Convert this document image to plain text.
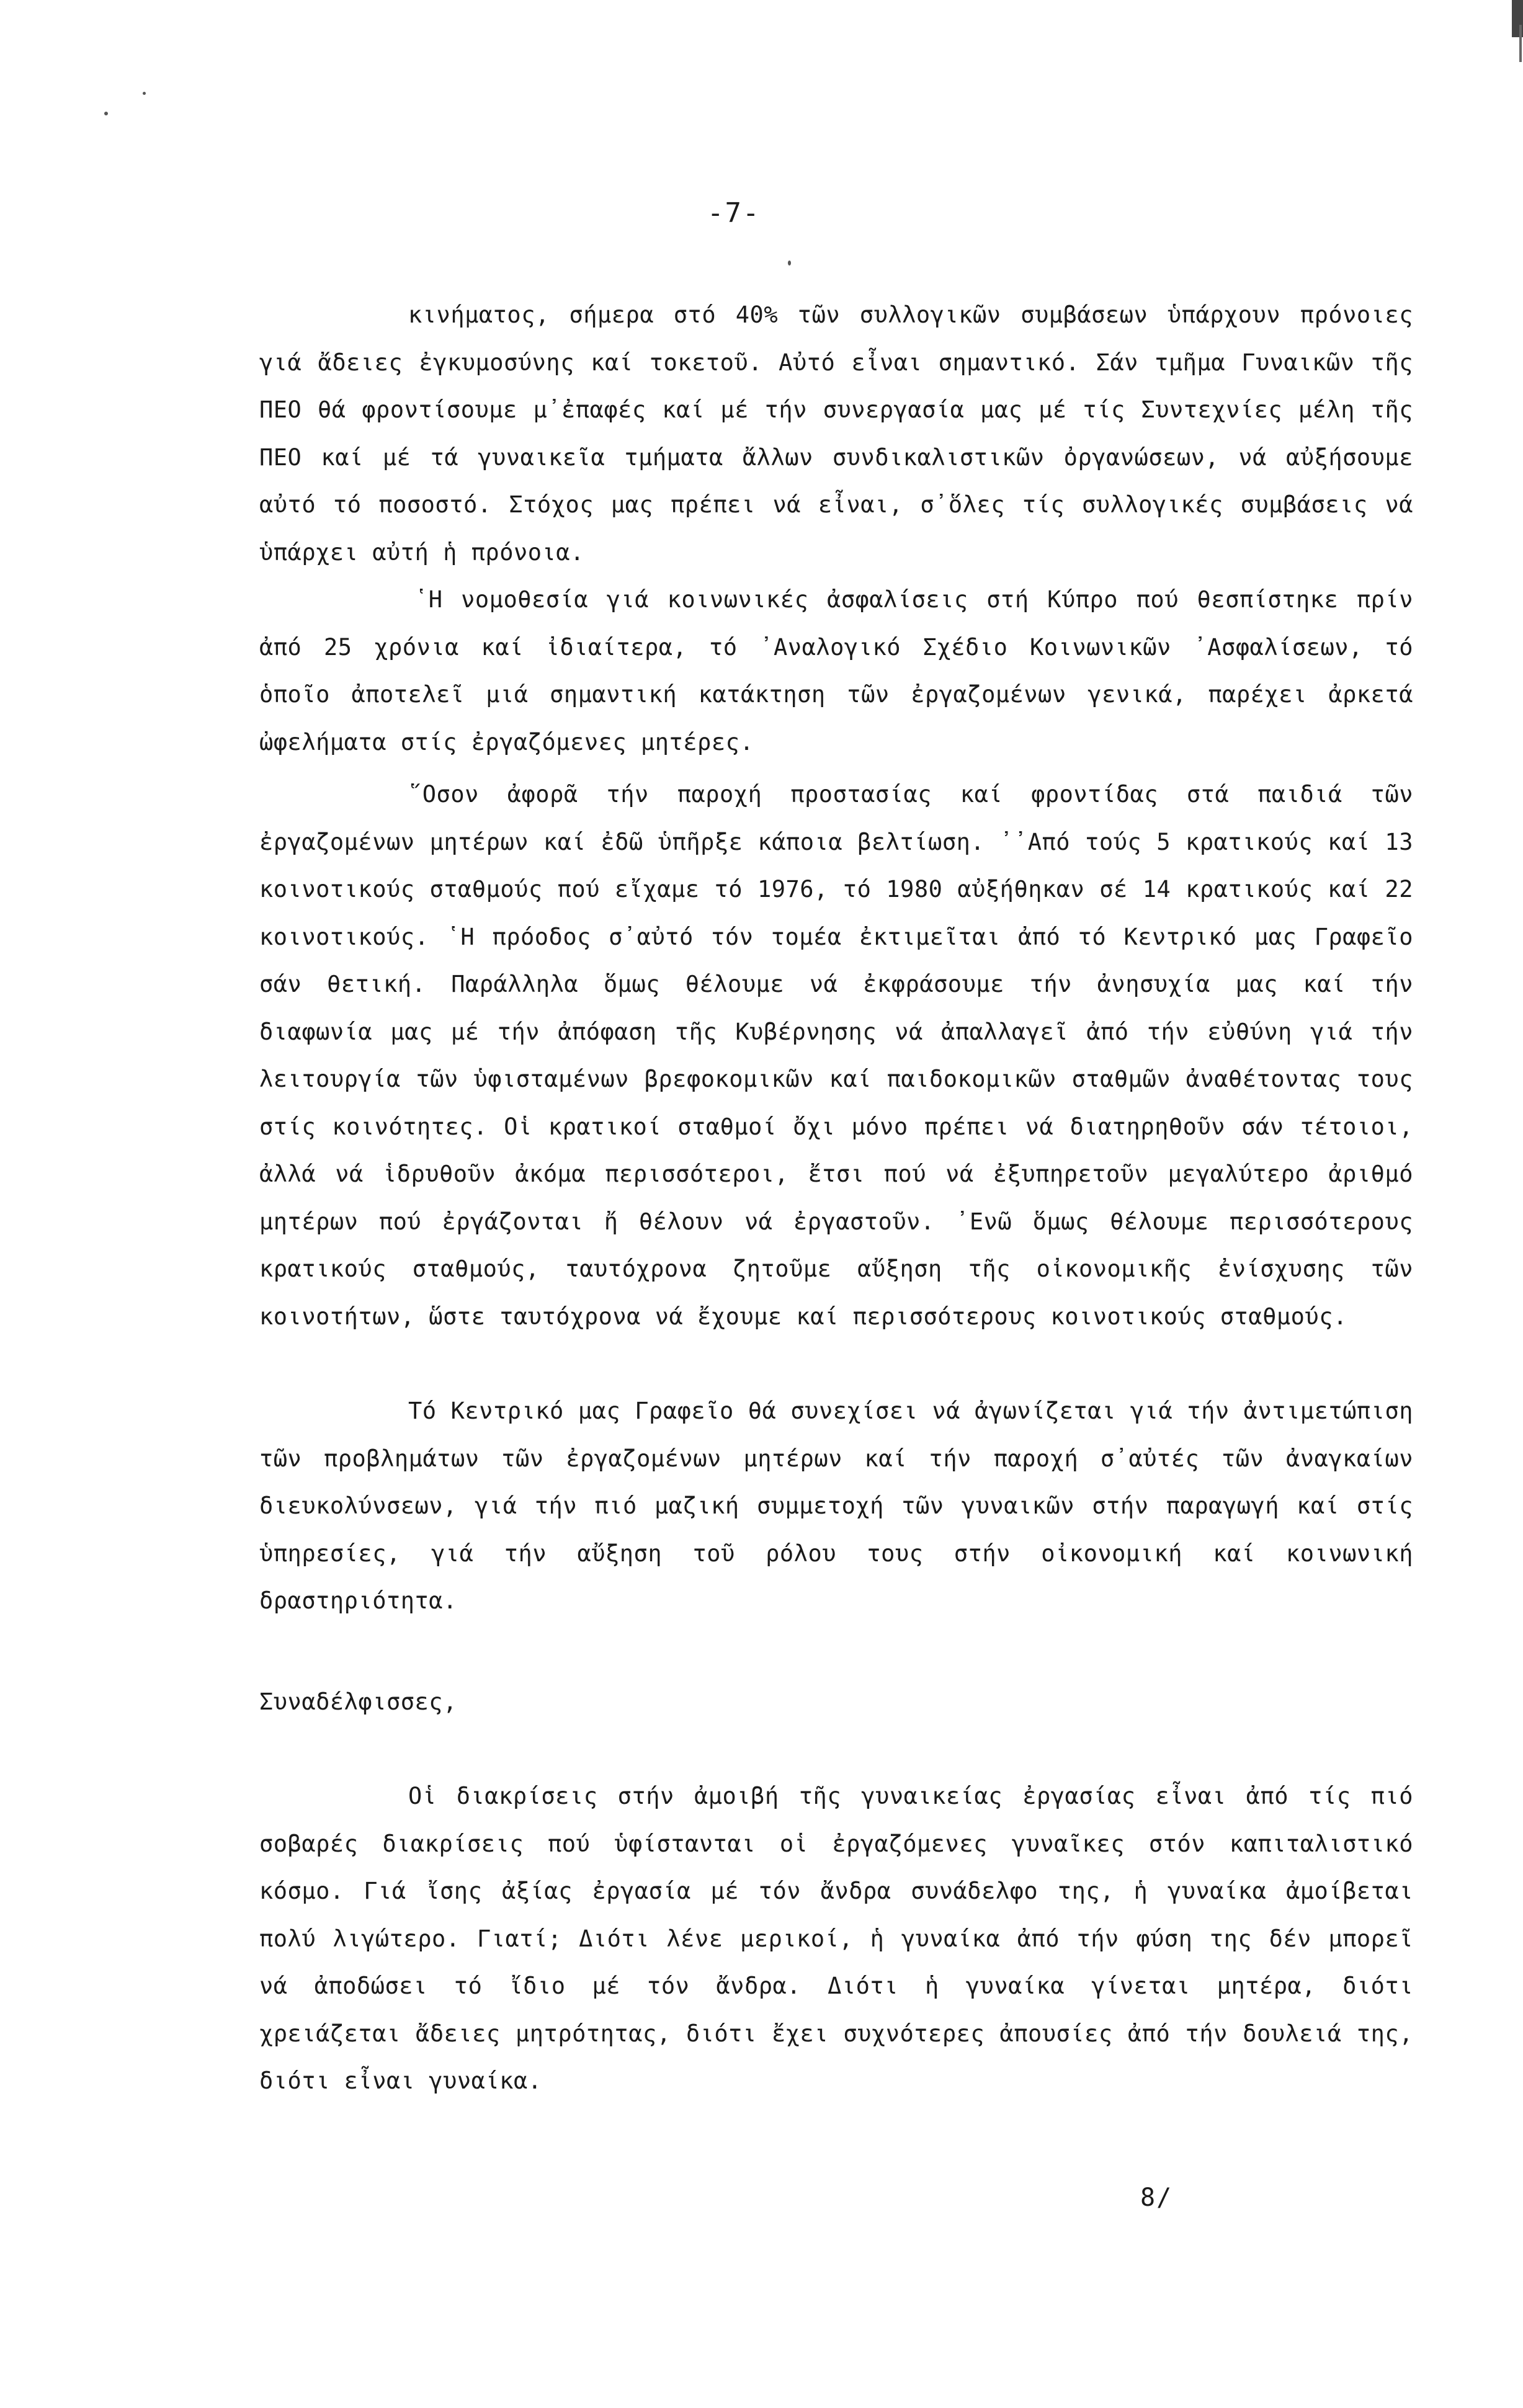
-7-

κινήματος, σήμερα στό 40% τῶν συλλογικῶν συμβάσεων ὑπάρχουν πρόνοιες γιά ἄδειες ἐγκυμοσύνης καί τοκετοῦ. Αὐτό εἶναι σημαντικό. Σάν τμῆμα Γυναικῶν τῆς ΠΕΟ θά φροντίσουμε μ᾽ἐπαφές καί μέ τήν συνεργασία μας μέ τίς Συντεχνίες μέλη τῆς ΠΕΟ καί μέ τά γυναικεῖα τμήματα ἄλλων συνδικαλιστικῶν ὀργανώσεων, νά αὐξήσουμε αὐτό τό ποσοστό. Στόχος μας πρέπει νά εἶναι, σ᾽ὅλες τίς συλλογικές συμβάσεις νά ὑπάρχει αὐτή ἡ πρόνοια.

῾Η νομοθεσία γιά κοινωνικές ἀσφαλίσεις στή Κύπρο πού θεσπίστηκε πρίν ἀπό 25 χρόνια καί ἰδιαίτερα, τό ᾽Αναλογικό Σχέδιο Κοινωνικῶν ᾽Ασφαλίσεων, τό ὁποῖο ἀποτελεῖ μιά σημαντική κατάκτηση τῶν ἐργαζομένων γενικά, παρέχει ἀρκετά ὠφελήματα στίς ἐργαζόμενες μητέρες.

῞Οσον ἀφορᾶ τήν παροχή προστασίας καί φροντίδας στά παιδιά τῶν ἐργαζομένων μητέρων καί ἐδῶ ὑπῆρξε κάποια βελτίωση. ᾽᾽Από τούς 5 κρατικούς καί 13 κοινοτικούς σταθμούς πού εἴχαμε τό 1976, τό 1980 αὐξήθηκαν σέ 14 κρατικούς καί 22 κοινοτικούς. ῾Η πρόοδος σ᾽αὐτό τόν τομέα ἐκτιμεῖται ἀπό τό Κεντρικό μας Γραφεῖο σάν θετική. Παράλληλα ὅμως θέλουμε νά ἐκφράσουμε τήν ἀνησυχία μας καί τήν διαφωνία μας μέ τήν ἀπόφαση τῆς Κυβέρνησης νά ἀπαλλαγεῖ ἀπό τήν εὐθύνη γιά τήν λειτουργία τῶν ὑφισταμένων βρεφοκομικῶν καί παιδοκομικῶν σταθμῶν ἀναθέτοντας τους στίς κοινότητες. Οἱ κρατικοί σταθμοί ὄχι μόνο πρέπει νά διατηρηθοῦν σάν τέτοιοι, ἀλλά νά ἱδρυθοῦν ἀκόμα περισσότεροι, ἔτσι πού νά ἐξυπηρετοῦν μεγαλύτερο ἀριθμό μητέρων πού ἐργάζονται ἤ θέλουν νά ἐργαστοῦν. ᾽Ενῶ ὅμως θέλουμε περισσότερους κρατικούς σταθμούς, ταυτόχρονα ζητοῦμε αὔξηση τῆς οἰκονομικῆς ἐνίσχυσης τῶν κοινοτήτων, ὥστε ταυτόχρονα νά ἔχουμε καί περισσότερους κοινοτικούς σταθμούς.

Τό Κεντρικό μας Γραφεῖο θά συνεχίσει νά ἀγωνίζεται γιά τήν ἀντιμετώπιση τῶν προβλημάτων τῶν ἐργαζομένων μητέρων καί τήν παροχή σ᾽αὐτές τῶν ἀναγκαίων διευκολύνσεων, γιά τήν πιό μαζική συμμετοχή τῶν γυναικῶν στήν παραγωγή καί στίς ὑπηρεσίες, γιά τήν αὔξηση τοῦ ρόλου τους στήν οἰκονομική καί κοινωνική δραστηριότητα.

Συναδέλφισσες,

Οἱ διακρίσεις στήν ἀμοιβή τῆς γυναικείας ἐργασίας εἶναι ἀπό τίς πιό σοβαρές διακρίσεις πού ὑφίστανται οἱ ἐργαζόμενες γυναῖκες στόν καπιταλιστικό κόσμο. Γιά ἴσης ἀξίας ἐργασία μέ τόν ἄνδρα συνάδελφο της, ἡ γυναίκα ἀμοίβεται πολύ λιγώτερο. Γιατί; Διότι λένε μερικοί, ἡ γυναίκα ἀπό τήν φύση της δέν μπορεῖ νά ἀποδώσει τό ἴδιο μέ τόν ἄνδρα. Διότι ἡ γυναίκα γίνεται μητέρα, διότι χρειάζεται ἄδειες μητρότητας, διότι ἔχει συχνότερες ἀπουσίες ἀπό τήν δουλειά της, διότι εἶναι γυναίκα.

8/
